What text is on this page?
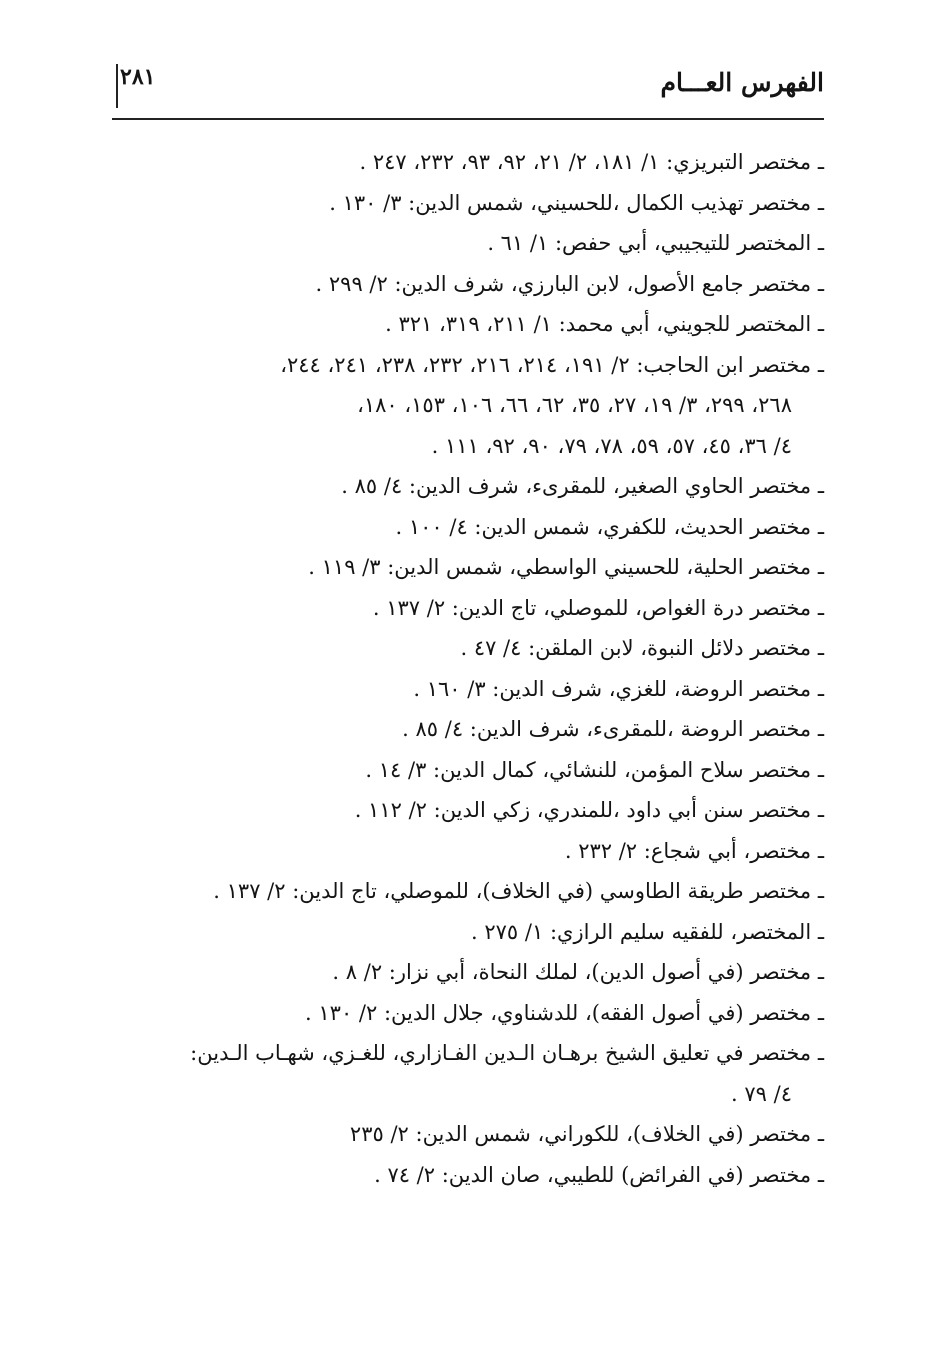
الفهرس العـــام
٢٨١
ـ مختصر التبريزي: ١/ ١٨١، ٢/ ٢١، ٩٢، ٩٣، ٢٣٢، ٢٤٧ .
ـ مختصر تهذيب الكمال ،للحسيني، شمس الدين: ٣/ ١٣٠ .
ـ المختصر للتيجيبي، أبي حفص: ١/ ٦١ .
ـ مختصر جامع الأصول، لابن البارزي، شرف الدين: ٢/ ٢٩٩ .
ـ المختصر للجويني، أبي محمد: ١/ ٢١١، ٣١٩، ٣٢١ .
ـ مختصر ابن الحاجب: ٢/ ١٩١، ٢١٤، ٢١٦، ٢٣٢، ٢٣٨، ٢٤١، ٢٤٤،
٢٦٨، ٢٩٩، ٣/ ١٩، ٢٧، ٣٥، ٦٢، ٦٦، ١٠٦، ١٥٣، ١٨٠،
٤/ ٣٦، ٤٥، ٥٧، ٥٩، ٧٨، ٧٩، ٩٠، ٩٢، ١١١ .
ـ مختصر الحاوي الصغير، للمقرىء، شرف الدين: ٤/ ٨٥ .
ـ مختصر الحديث، للكفري، شمس الدين: ٤/ ١٠٠ .
ـ مختصر الحلية، للحسيني الواسطي، شمس الدين: ٣/ ١١٩ .
ـ مختصر درة الغواص، للموصلي، تاج الدين: ٢/ ١٣٧ .
ـ مختصر دلائل النبوة، لابن الملقن: ٤/ ٤٧ .
ـ مختصر الروضة، للغزي، شرف الدين: ٣/ ١٦٠ .
ـ مختصر الروضة ،للمقرىء، شرف الدين: ٤/ ٨٥ .
ـ مختصر سلاح المؤمن، للنشائي، كمال الدين: ٣/ ١٤ .
ـ مختصر سنن أبي داود ،للمندري، زكي الدين: ٢/ ١١٢ .
ـ مختصر، أبي شجاع: ٢/ ٢٣٢ .
ـ مختصر طريقة الطاوسي (في الخلاف)، للموصلي، تاج الدين: ٢/ ١٣٧ .
ـ المختصر، للفقيه سليم الرازي: ١/ ٢٧٥ .
ـ مختصر (في أصول الدين)، لملك النحاة، أبي نزار: ٢/ ٨ .
ـ مختصر (في أصول الفقه)، للدشناوي، جلال الدين: ٢/ ١٣٠ .
ـ مختصر في تعليق الشيخ برهـان الـدين الفـازاري، للغـزي، شهـاب الـدين:
٤/ ٧٩ .
ـ مختصر (في الخلاف)، للكوراني، شمس الدين: ٢/ ٢٣٥
ـ مختصر (في الفرائض) للطيبي، صان الدين: ٢/ ٧٤ .
